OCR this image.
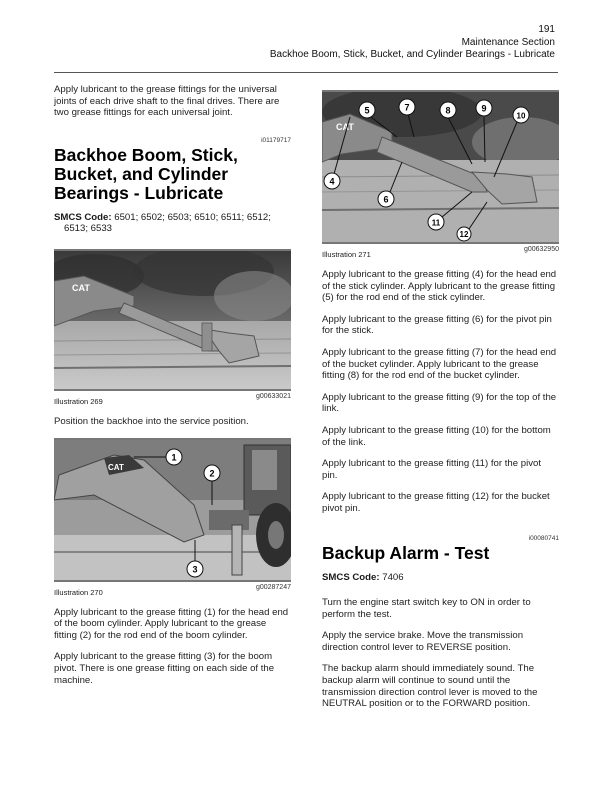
191
Maintenance Section
Backhoe Boom, Stick, Bucket, and Cylinder Bearings - Lubricate

Apply lubricant to the grease fittings for the universal joints of each drive shaft to the final drives. There are two grease fittings for each universal joint.

i01179717
Backhoe Boom, Stick, Bucket, and Cylinder Bearings - Lubricate
SMCS Code: 6501; 6502; 6503; 6510; 6511; 6512; 6513; 6533
CAT
Illustration 269
g00633021

Position the backhoe into the service position.

CAT
1
2
3
Illustration 270
g00287247

Apply lubricant to the grease fitting (1) for the head end of the boom cylinder. Apply lubricant to the grease fitting (2) for the rod end of the boom cylinder.

Apply lubricant to the grease fitting (3) for the boom pivot. There is one grease fitting on each side of the machine.

CAT
4
5	7	8	9
10
6
11
12
Illustration 271
g00632950

Apply lubricant to the grease fitting (4) for the head end of the stick cylinder. Apply lubricant to the grease fitting (5) for the rod end of the stick cylinder.

Apply lubricant to the grease fitting (6) for the pivot pin for the stick.

Apply lubricant to the grease fitting (7) for the head end of the bucket cylinder. Apply lubricant to the grease fitting (8) for the rod end of the bucket cylinder.

Apply lubricant to the grease fitting (9) for the top of the link.

Apply lubricant to the grease fitting (10) for the bottom of the link.

Apply lubricant to the grease fitting (11) for the pivot pin.

Apply lubricant to the grease fitting (12) for the bucket pivot pin.

i00080741
Backup Alarm - Test
SMCS Code: 7406

Turn the engine start switch key to ON in order to perform the test.

Apply the service brake. Move the transmission direction control lever to REVERSE position.

The backup alarm should immediately sound. The backup alarm will continue to sound until the transmission direction control lever is moved to the NEUTRAL position or to the FORWARD position.
